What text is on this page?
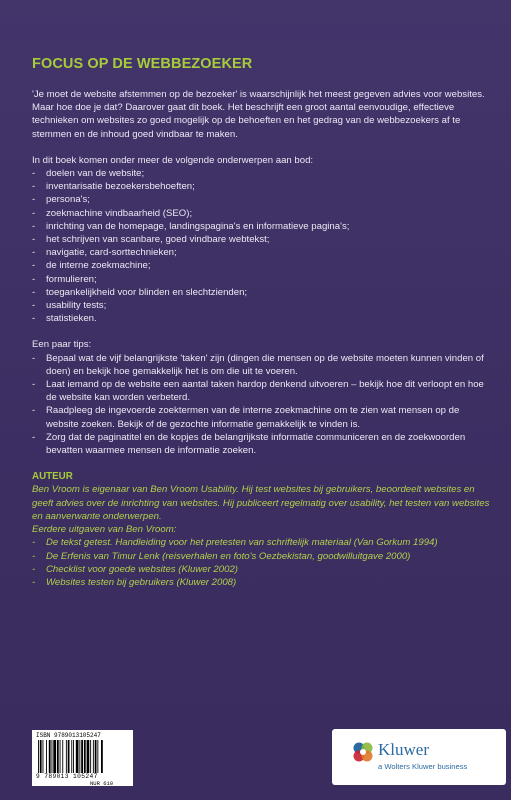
FOCUS OP DE WEBBEZOEKER

'Je moet de website afstemmen op de bezoeker' is waarschijnlijk het meest gegeven advies voor websites. Maar hoe doe je dat? Daarover gaat dit boek. Het beschrijft een groot aantal eenvoudige, effectieve technieken om websites zo goed mogelijk op de behoeften en het gedrag van de webbezoekers af te stemmen en de inhoud goed vindbaar te maken.

In dit boek komen onder meer de volgende onderwerpen aan bod:

- doelen van de website;
- inventarisatie bezoekersbehoeften;
- persona's;
- zoekmachine vindbaarheid (SEO);
- inrichting van de homepage, landingspagina's en informatieve pagina's;
- het schrijven van scanbare, goed vindbare webtekst;
- navigatie, card-sorttechnieken;
- de interne zoekmachine;
- formulieren;
- toegankelijkheid voor blinden en slechtzienden;
- usability tests;
- statistieken.

Een paar tips:

- Bepaal wat de vijf belangrijkste 'taken' zijn (dingen die mensen op de website moeten kunnen vinden of doen) en bekijk hoe gemakkelijk het is om die uit te voeren.
- Laat iemand op de website een aantal taken hardop denkend uitvoeren – bekijk hoe dit verloopt en hoe de website kan worden verbeterd.
- Raadpleeg de ingevoerde zoektermen van de interne zoekmachine om te zien wat mensen op de website zoeken. Bekijk of de gezochte informatie gemakkelijk te vinden is.
- Zorg dat de paginatitel en de kopjes de belangrijkste informatie communiceren en de zoekwoorden bevatten waarmee mensen de informatie zoeken.
AUTEUR

Ben Vroom is eigenaar van Ben Vroom Usability. Hij test websites bij gebruikers, beoordeelt websites en geeft advies over de inrichting van websites. Hij publiceert regelmatig over usability, het testen van websites en aanverwante onderwerpen.

Eerdere uitgaven van Ben Vroom:

- De tekst getest. Handleiding voor het pretesten van schriftelijk materiaal (Van Gorkum 1994)
- De Erfenis van Timur Lenk (reisverhalen en foto's Oezbekistan, goodwilluitgave 2000)
- Checklist voor goede websites (Kluwer 2002)
- Websites testen bij gebruikers (Kluwer 2008)
ISBN 9789013105247
9 789013 105247
NUR 610
Kluwer
a Wolters Kluwer business
